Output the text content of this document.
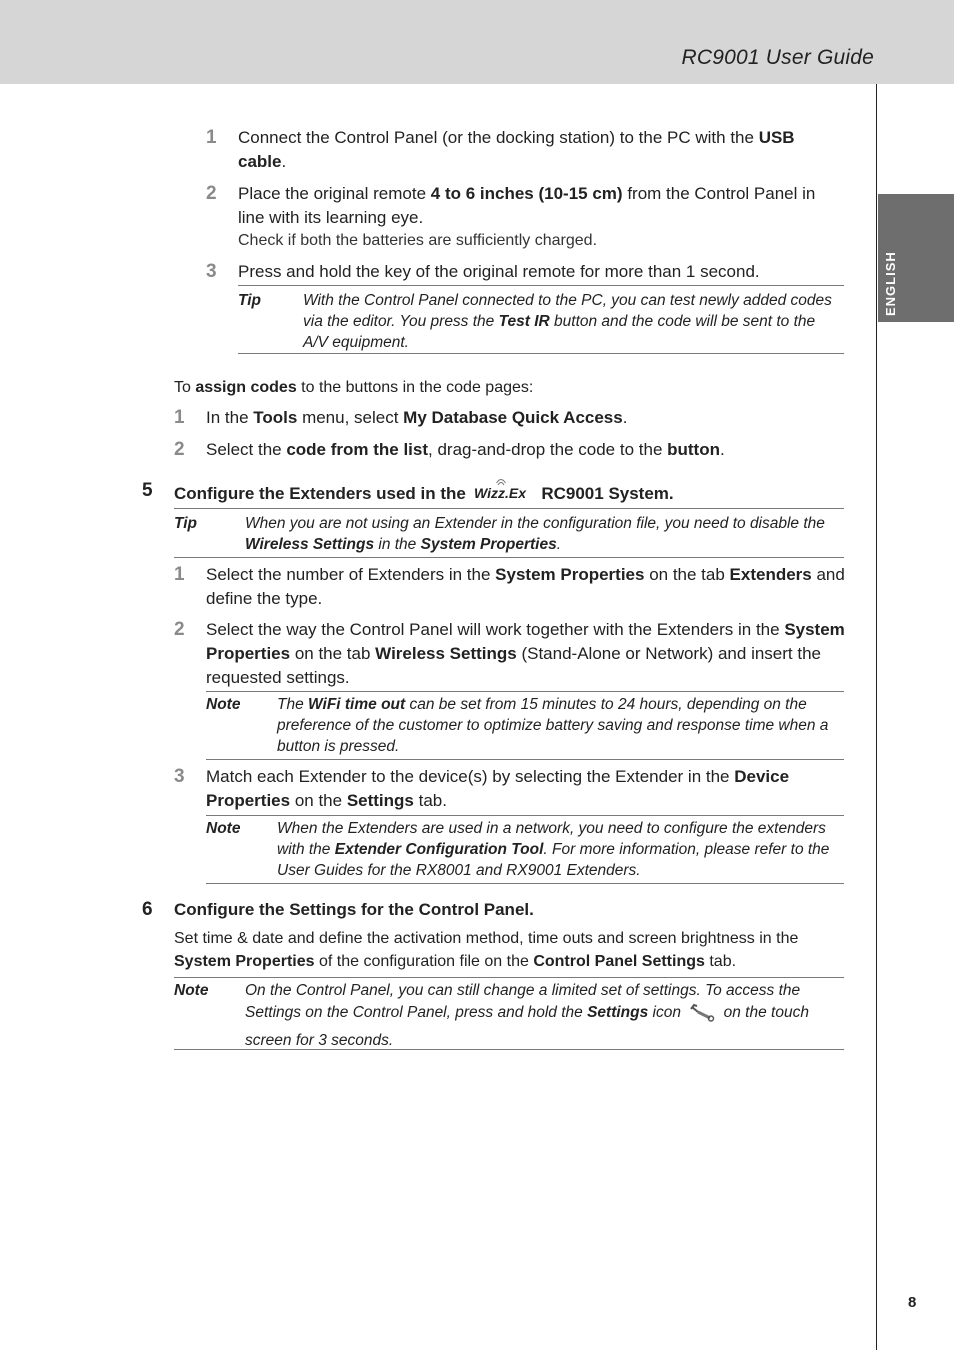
RC9001 User Guide
ENGLISH
1 Connect the Control Panel (or the docking station) to the PC with the USB cable.
2 Place the original remote 4 to 6 inches (10-15 cm) from the Control Panel in line with its learning eye.
Check if both the batteries are sufficiently charged.
3 Press and hold the key of the original remote for more than 1 second.
Tip	With the Control Panel connected to the PC, you can test newly added codes via the editor. You press the Test IR button and the code will be sent to the A/V equipment.
To assign codes to the buttons in the code pages:
1 In the Tools menu, select My Database Quick Access.
2 Select the code from the list, drag-and-drop the code to the button.
5 Configure the Extenders used in the Wizz.Ex RC9001 System.
Tip	When you are not using an Extender in the configuration file, you need to disable the Wireless Settings in the System Properties.
1 Select the number of Extenders in the System Properties on the tab Extenders and define the type.
2 Select the way the Control Panel will work together with the Extenders in the System Properties on the tab Wireless Settings (Stand-Alone or Network) and insert the requested settings.
Note The WiFi time out can be set from 15 minutes to 24 hours, depending on the preference of the customer to optimize battery saving and response time when a button is pressed.
3 Match each Extender to the device(s) by selecting the Extender in the Device Properties on the Settings tab.
Note When the Extenders are used in a network, you need to configure the extenders with the Extender Configuration Tool. For more information, please refer to the User Guides for the RX8001 and RX9001 Extenders.
6 Configure the Settings for the Control Panel.
Set time & date and define the activation method, time outs and screen brightness in the System Properties of the configuration file on the Control Panel Settings tab.
Note On the Control Panel, you can still change a limited set of settings. To access the Settings on the Control Panel, press and hold the Settings icon  on the touch screen for 3 seconds.
8
